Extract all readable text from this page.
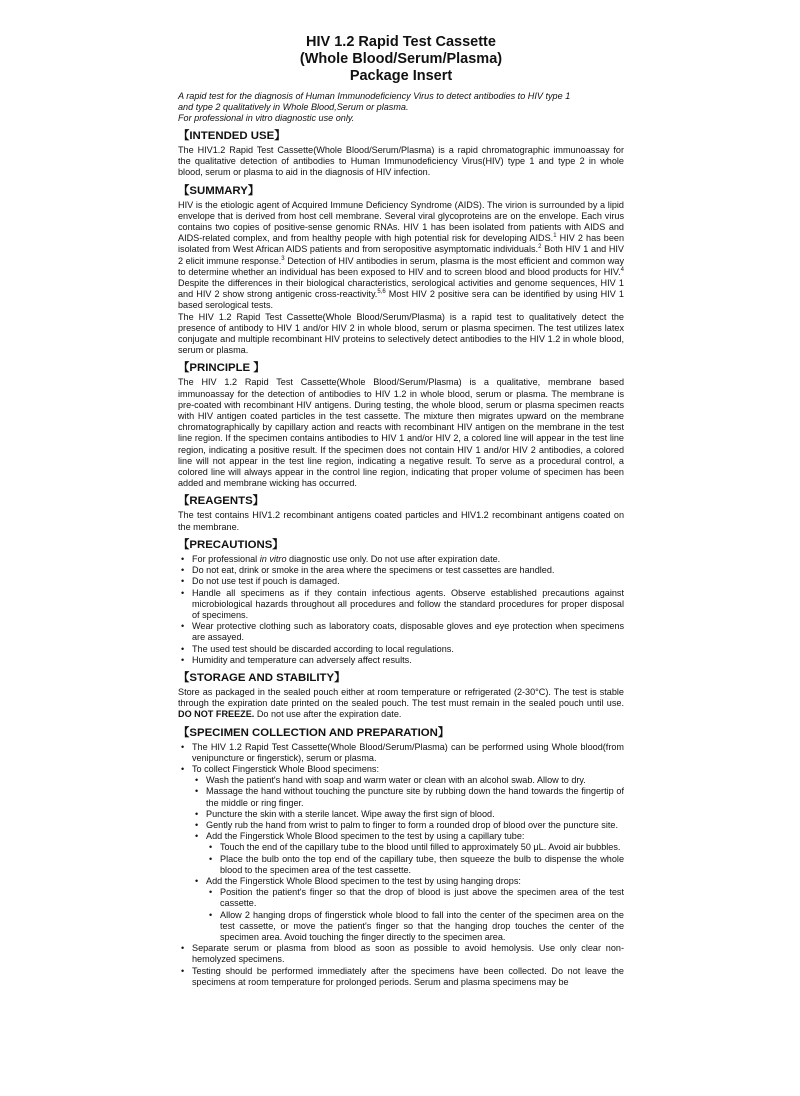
HIV 1.2 Rapid Test Cassette
(Whole Blood/Serum/Plasma)
Package Insert
A rapid test for the diagnosis of Human Immunodeficiency Virus to detect antibodies to HIV type 1
and type 2 qualitatively in Whole Blood,Serum or plasma.
For professional in vitro diagnostic use only.
【INTENDED USE】

The HIV1.2 Rapid Test Cassette(Whole Blood/Serum/Plasma) is a rapid chromatographic immunoassay for the qualitative detection of antibodies to Human Immunodeficiency Virus(HIV) type 1 and type 2 in whole blood, serum or plasma to aid in the diagnosis of HIV infection.

【SUMMARY】

HIV is the etiologic agent of Acquired Immune Deficiency Syndrome (AIDS). The virion is surrounded by a lipid envelope that is derived from host cell membrane. Several viral glycoproteins are on the envelope. Each virus contains two copies of positive-sense genomic RNAs. HIV 1 has been isolated from patients with AIDS and AIDS-related complex, and from healthy people with high potential risk for developing AIDS.$^1$ HIV 2 has been isolated from West African AIDS patients and from seropositive asymptomatic individuals.$^2$ Both HIV 1 and HIV 2 elicit immune response.$^3$ Detection of HIV antibodies in serum, plasma is the most efficient and common way to determine whether an individual has been exposed to HIV and to screen blood and blood products for HIV.$^4$ Despite the differences in their biological characteristics, serological activities and genome sequences, HIV 1 and HIV 2 show strong antigenic cross-reactivity.$^{5,6}$ Most HIV 2 positive sera can be identified by using HIV 1 based serological tests.

The HIV 1.2 Rapid Test Cassette(Whole Blood/Serum/Plasma) is a rapid test to qualitatively detect the presence of antibody to HIV 1 and/or HIV 2 in whole blood, serum or plasma specimen. The test utilizes latex conjugate and multiple recombinant HIV proteins to selectively detect antibodies to the HIV 1.2 in whole blood, serum or plasma.

【PRINCIPLE 】

The HIV 1.2 Rapid Test Cassette(Whole Blood/Serum/Plasma) is a qualitative, membrane based immunoassay for the detection of antibodies to HIV 1.2 in whole blood, serum or plasma. The membrane is pre-coated with recombinant HIV antigens. During testing, the whole blood, serum or plasma specimen reacts with HIV antigen coated particles in the test cassette. The mixture then migrates upward on the membrane chromatographically by capillary action and reacts with recombinant HIV antigen on the membrane in the test line region. If the specimen contains antibodies to HIV 1 and/or HIV 2, a colored line will appear in the test line region, indicating a positive result. If the specimen does not contain HIV 1 and/or HIV 2 antibodies, a colored line will not appear in the test line region, indicating a negative result. To serve as a procedural control, a colored line will always appear in the control line region, indicating that proper volume of specimen has been added and membrane wicking has occurred.

【REAGENTS】

The test contains HIV1.2 recombinant antigens coated particles and HIV1.2 recombinant antigens coated on the membrane.

【PRECAUTIONS】
• For professional in vitro diagnostic use only. Do not use after expiration date.
• Do not eat, drink or smoke in the area where the specimens or test cassettes are handled.
• Do not use test if pouch is damaged.
• Handle all specimens as if they contain infectious agents. Observe established precautions against microbiological hazards throughout all procedures and follow the standard procedures for proper disposal of specimens.
• Wear protective clothing such as laboratory coats, disposable gloves and eye protection when specimens are assayed.
• The used test should be discarded according to local regulations.
• Humidity and temperature can adversely affect results.
【STORAGE AND STABILITY】

Store as packaged in the sealed pouch either at room temperature or refrigerated (2-30°C). The test is stable through the expiration date printed on the sealed pouch. The test must remain in the sealed pouch until use. DO NOT FREEZE. Do not use after the expiration date.

【SPECIMEN COLLECTION AND PREPARATION】
• The HIV 1.2 Rapid Test Cassette(Whole Blood/Serum/Plasma) can be performed using Whole blood(from venipuncture or fingerstick), serum or plasma.
• To collect Fingerstick Whole Blood specimens:
• Wash the patient's hand with soap and warm water or clean with an alcohol swab. Allow to dry.
• Massage the hand without touching the puncture site by rubbing down the hand towards the fingertip of the middle or ring finger.
• Puncture the skin with a sterile lancet. Wipe away the first sign of blood.
• Gently rub the hand from wrist to palm to finger to form a rounded drop of blood over the puncture site.
• Add the Fingerstick Whole Blood specimen to the test by using a capillary tube:
• Touch the end of the capillary tube to the blood until filled to approximately 50 μL. Avoid air bubbles.
• Place the bulb onto the top end of the capillary tube, then squeeze the bulb to dispense the whole blood to the specimen area of the test cassette.
• Add the Fingerstick Whole Blood specimen to the test by using hanging drops:
• Position the patient's finger so that the drop of blood is just above the specimen area of the test cassette.
• Allow 2 hanging drops of fingerstick whole blood to fall into the center of the specimen area on the test cassette, or move the patient's finger so that the hanging drop touches the center of the specimen area. Avoid touching the finger directly to the specimen area.
• Separate serum or plasma from blood as soon as possible to avoid hemolysis. Use only clear non-hemolyzed specimens.
• Testing should be performed immediately after the specimens have been collected. Do not leave the specimens at room temperature for prolonged periods. Serum and plasma specimens may be
